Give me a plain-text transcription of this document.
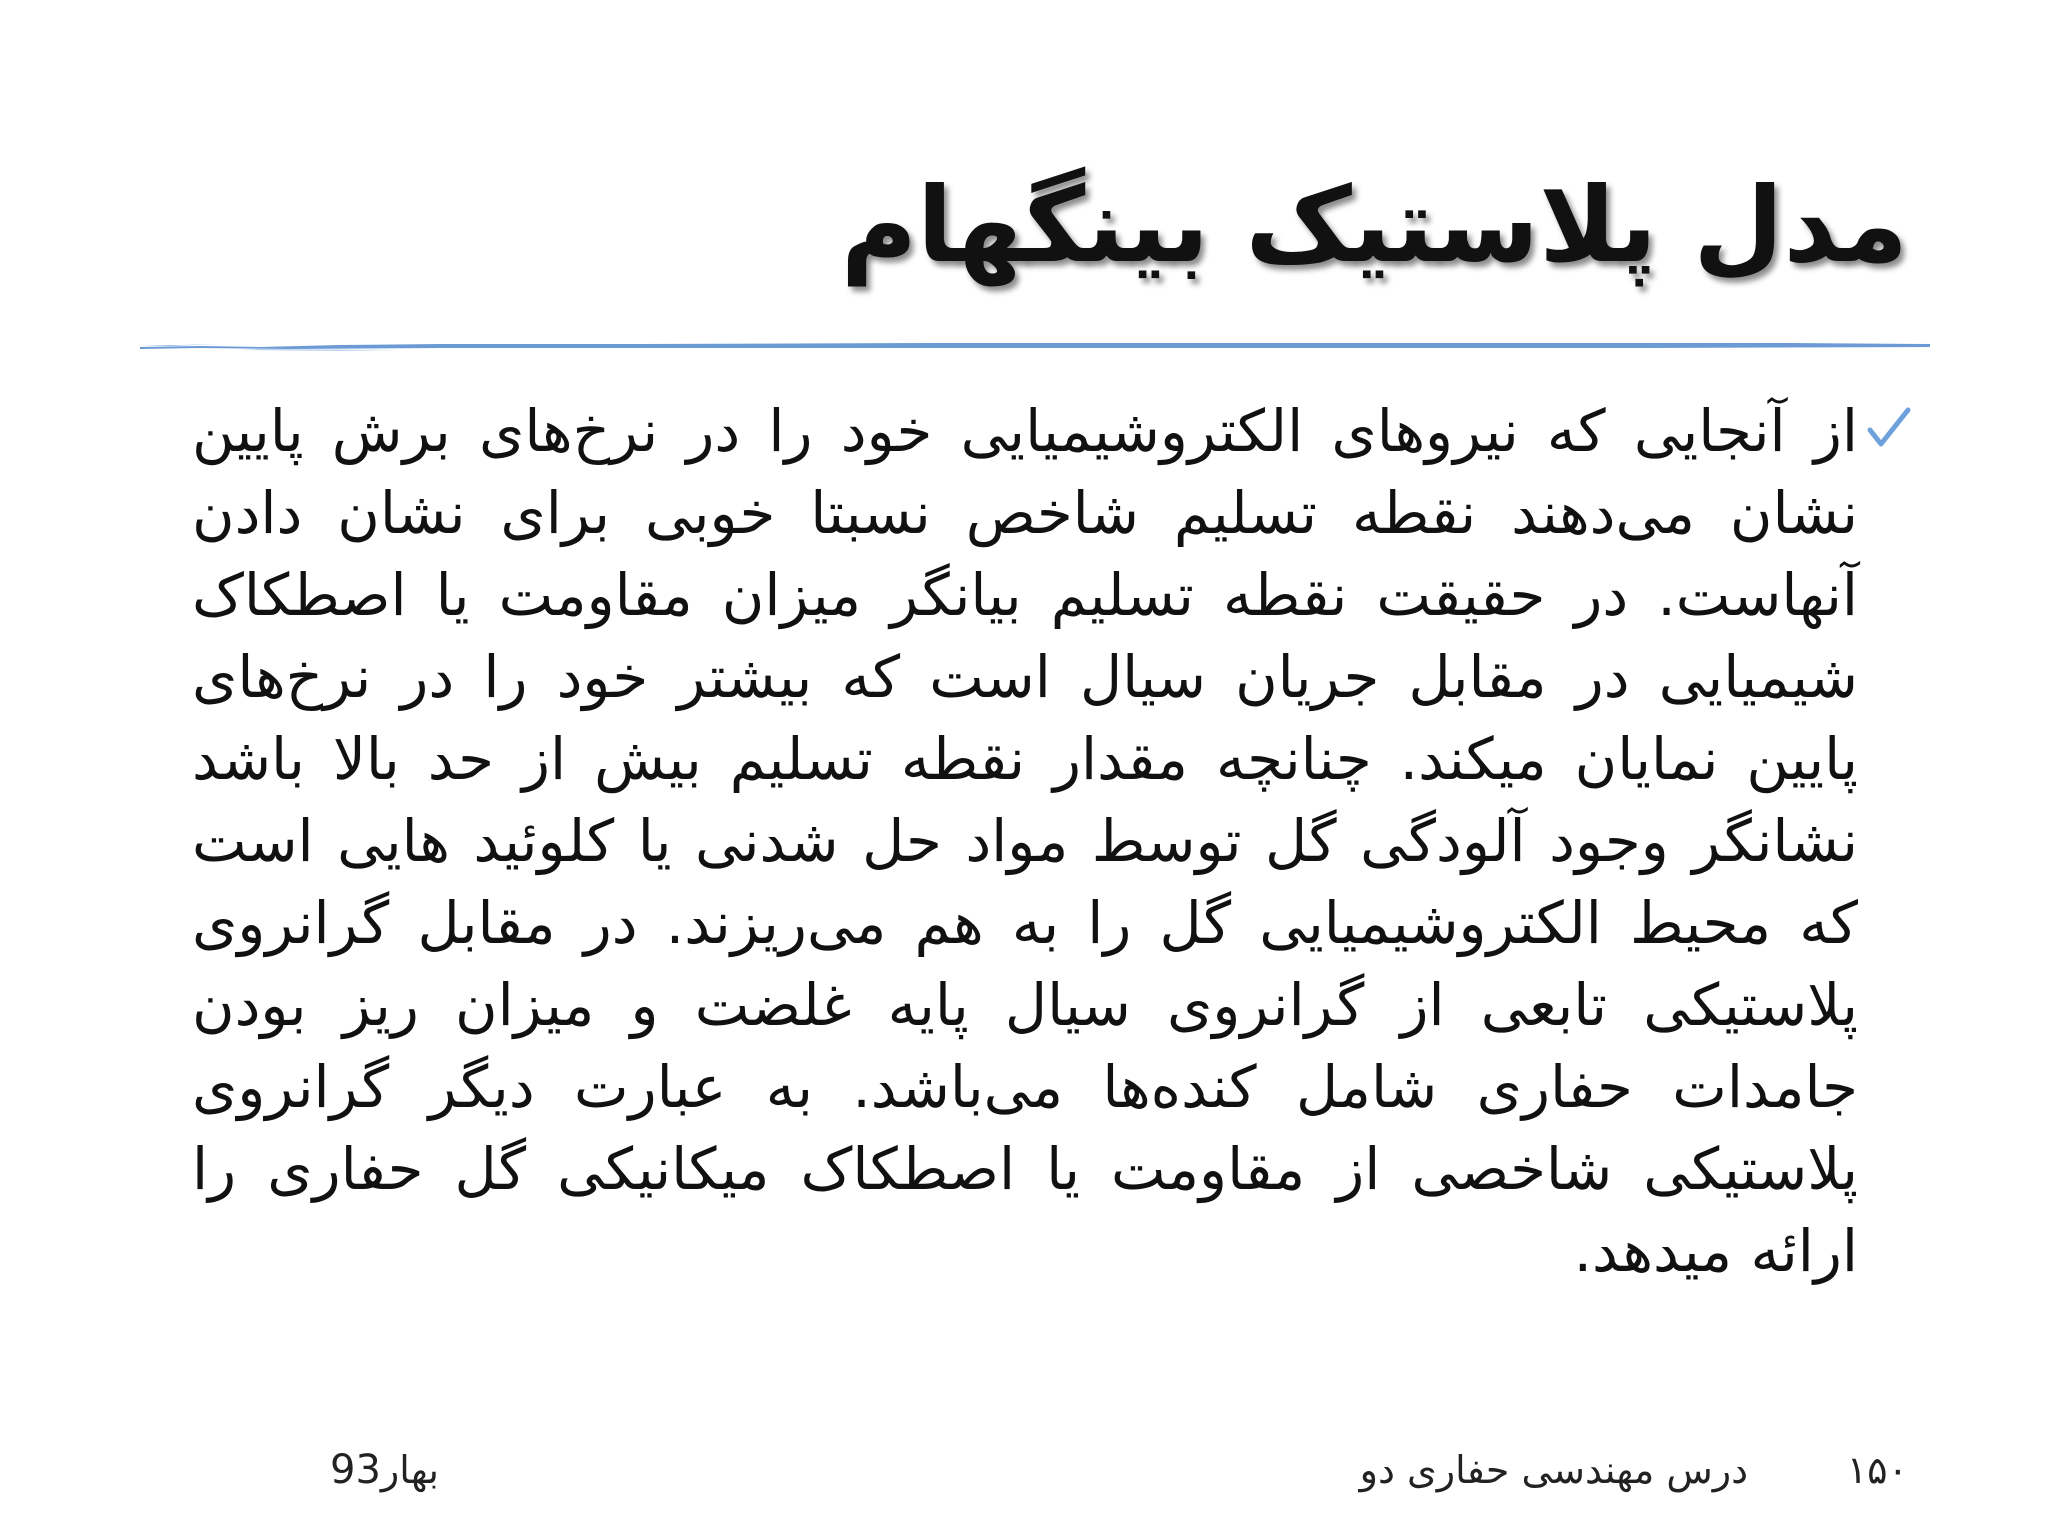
مدل پلاستیک بینگهام

از آنجایی که نیروهای الکتروشیمیایی خود را در نرخ‌های برش پایین نشان می‌دهند نقطه تسلیم شاخص نسبتا خوبی برای نشان دادن آنهاست. در حقیقت نقطه تسلیم بیانگر میزان مقاومت یا اصطکاک شیمیایی در مقابل جریان سیال است که بیشتر خود را در نرخ‌های پایین نمایان میکند. چنانچه مقدار نقطه تسلیم بیش از حد بالا باشد نشانگر وجود آلودگی گل توسط مواد حل شدنی یا کلوئید هایی است که محیط الکتروشیمیایی گل را به هم می‌ریزند. در مقابل گرانروی پلاستیکی تابعی از گرانروی سیال پایه غلضت و میزان ریز بودن جامدات حفاری شامل کنده‌ها می‌باشد. به عبارت دیگر گرانروی پلاستیکی شاخصی از مقاومت یا اصطکاک میکانیکی گل حفاری را ارائه میدهد.

۱۵۰
درس مهندسی حفاری دو
بهار93
